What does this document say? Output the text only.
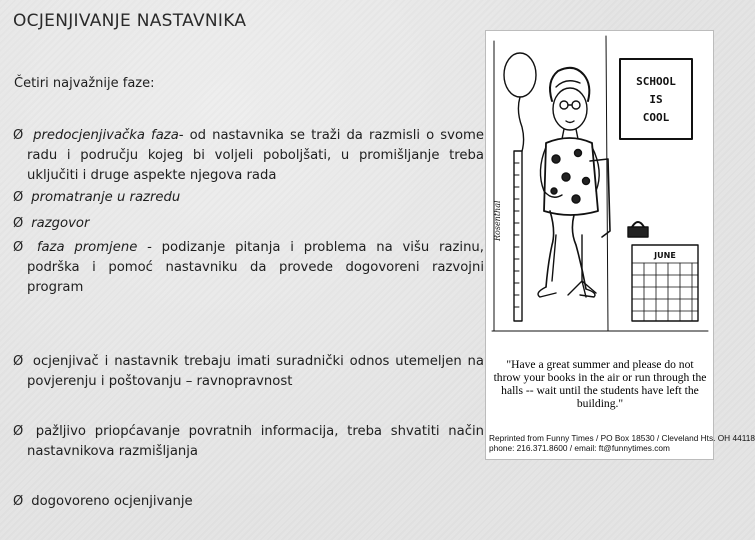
OCJENJIVANJE NASTAVNIKA
Četiri najvažnije faze:
Ø predocjenjivačka faza- od nastavnika se traži da razmisli o svome radu i području kojeg bi voljeli poboljšati, u promišljanje treba uključiti i druge aspekte njegova rada
Ø promatranje u razredu
Ø razgovor
Ø faza promjene - podizanje pitanja i problema na višu razinu, podrška i pomoć nastavniku da provede dogovoreni razvojni program
Ø ocjenjivač i nastavnik trebaju imati suradnički odnos utemeljen na povjerenju i poštovanju – ravnopravnost
Ø pažljivo priopćavanje povratnih informacija, treba shvatiti način nastavnikova razmišljanja
Ø dogovoreno ocjenjivanje
SCHOOL
IS
COOL
JUNE
Rosenthal
"Have a great summer and please do not throw your books in the air or run through the halls -- wait until the students have left the building."
Reprinted from Funny Times / PO Box 18530 / Cleveland Hts. OH 44118
phone: 216.371.8600 / email: ft@funnytimes.com
